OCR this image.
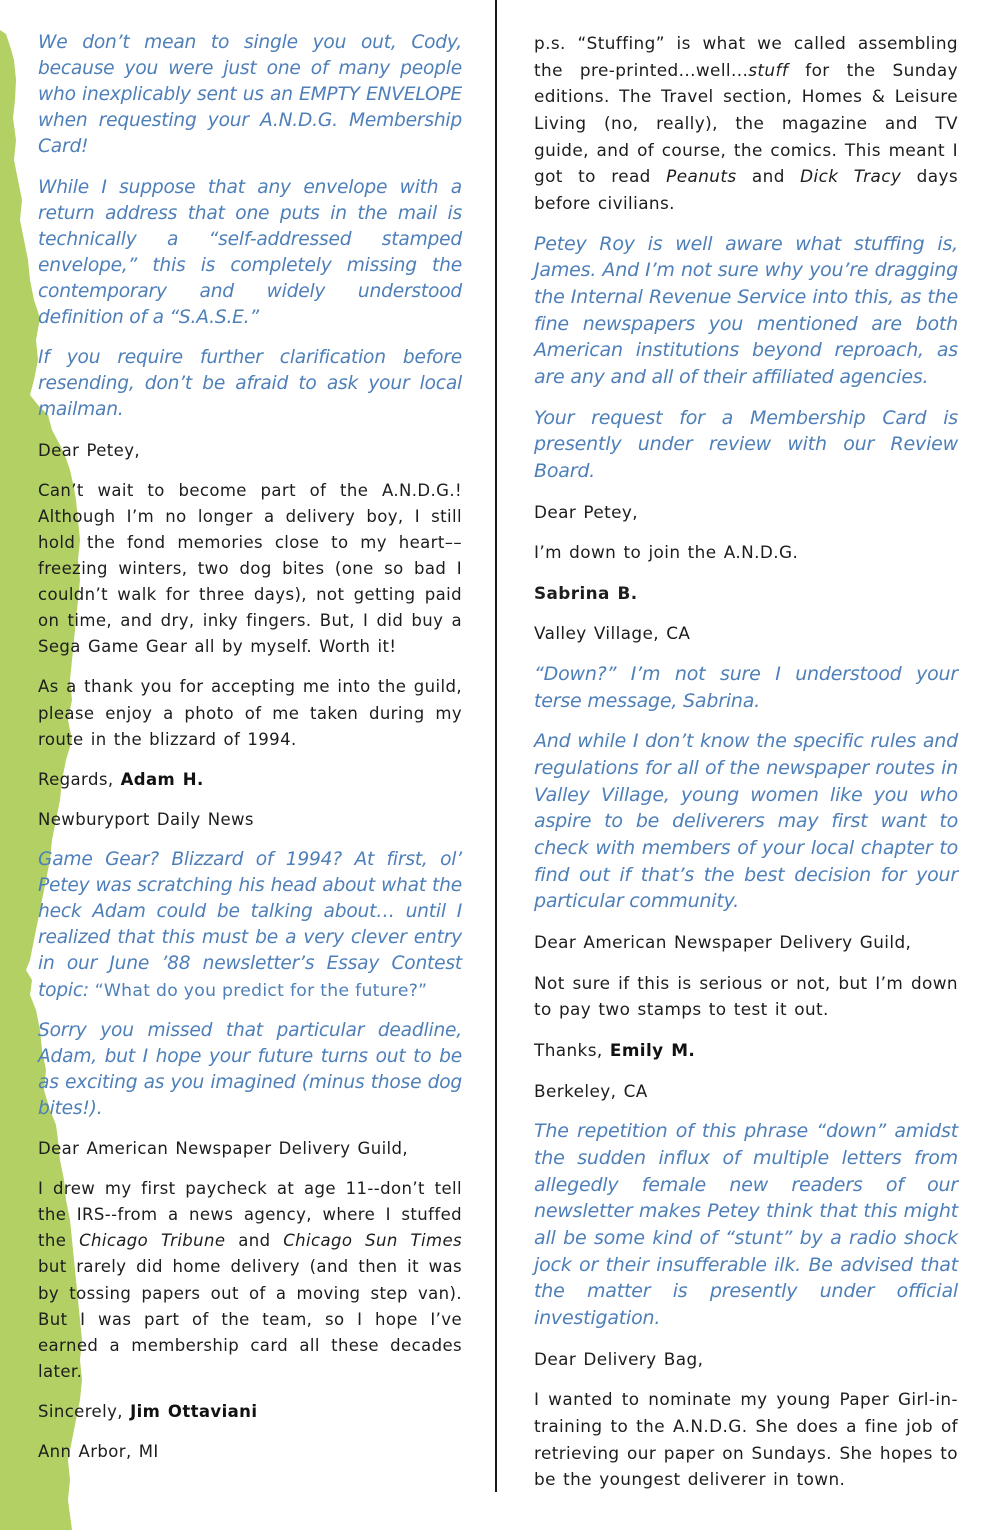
We don’t mean to single you out, Cody, because you were just one of many people who inexplicably sent us an EMPTY ENVELOPE when requesting your A.N.D.G. Membership Card!

While I suppose that any envelope with a return address that one puts in the mail is technically a “self-addressed stamped envelope,” this is completely missing the contemporary and widely understood definition of a “S.A.S.E.”

If you require further clarification before resending, don’t be afraid to ask your local mailman.

Dear Petey,

Can’t wait to become part of the A.N.D.G.! Although I’m no longer a delivery boy, I still hold the fond memories close to my heart––freezing winters, two dog bites (one so bad I couldn’t walk for three days), not getting paid on time, and dry, inky fingers. But, I did buy a Sega Game Gear all by myself. Worth it!

As a thank you for accepting me into the guild, please enjoy a photo of me taken during my route in the blizzard of 1994.

Regards, Adam H.

Newburyport Daily News

Game Gear? Blizzard of 1994? At first, ol’ Petey was scratching his head about what the heck Adam could be talking about… until I realized that this must be a very clever entry in our June ’88 newsletter’s Essay Contest topic: “What do you predict for the future?”

Sorry you missed that particular deadline, Adam, but I hope your future turns out to be as exciting as you imagined (minus those dog bites!).

Dear American Newspaper Delivery Guild,

I drew my first paycheck at age 11--don’t tell the IRS--from a news agency, where I stuffed the Chicago Tribune and Chicago Sun Times but rarely did home delivery (and then it was by tossing papers out of a moving step van). But I was part of the team, so I hope I’ve earned a membership card all these decades later.

Sincerely, Jim Ottaviani

Ann Arbor, MI

p.s. “Stuffing” is what we called assembling the pre-printed...well...stuff for the Sunday editions. The Travel section, Homes & Leisure Living (no, really), the magazine and TV guide, and of course, the comics. This meant I got to read Peanuts and Dick Tracy days before civilians.

Petey Roy is well aware what stuffing is, James. And I’m not sure why you’re dragging the Internal Revenue Service into this, as the fine newspapers you mentioned are both American institutions beyond reproach, as are any and all of their affiliated agencies.

Your request for a Membership Card is presently under review with our Review Board.

Dear Petey,

I’m down to join the A.N.D.G.

Sabrina B.

Valley Village, CA

“Down?” I’m not sure I understood your terse message, Sabrina.

And while I don’t know the specific rules and regulations for all of the newspaper routes in Valley Village, young women like you who aspire to be deliverers may first want to check with members of your local chapter to find out if that’s the best decision for your particular community.

Dear American Newspaper Delivery Guild,

Not sure if this is serious or not, but I’m down to pay two stamps to test it out.

Thanks, Emily M.

Berkeley, CA

The repetition of this phrase “down” amidst the sudden influx of multiple letters from allegedly female new readers of our newsletter makes Petey think that this might all be some kind of “stunt” by a radio shock jock or their insufferable ilk. Be advised that the matter is presently under official investigation.

Dear Delivery Bag,

I wanted to nominate my young Paper Girl-in-training to the A.N.D.G. She does a fine job of retrieving our paper on Sundays. She hopes to be the youngest deliverer in town.
